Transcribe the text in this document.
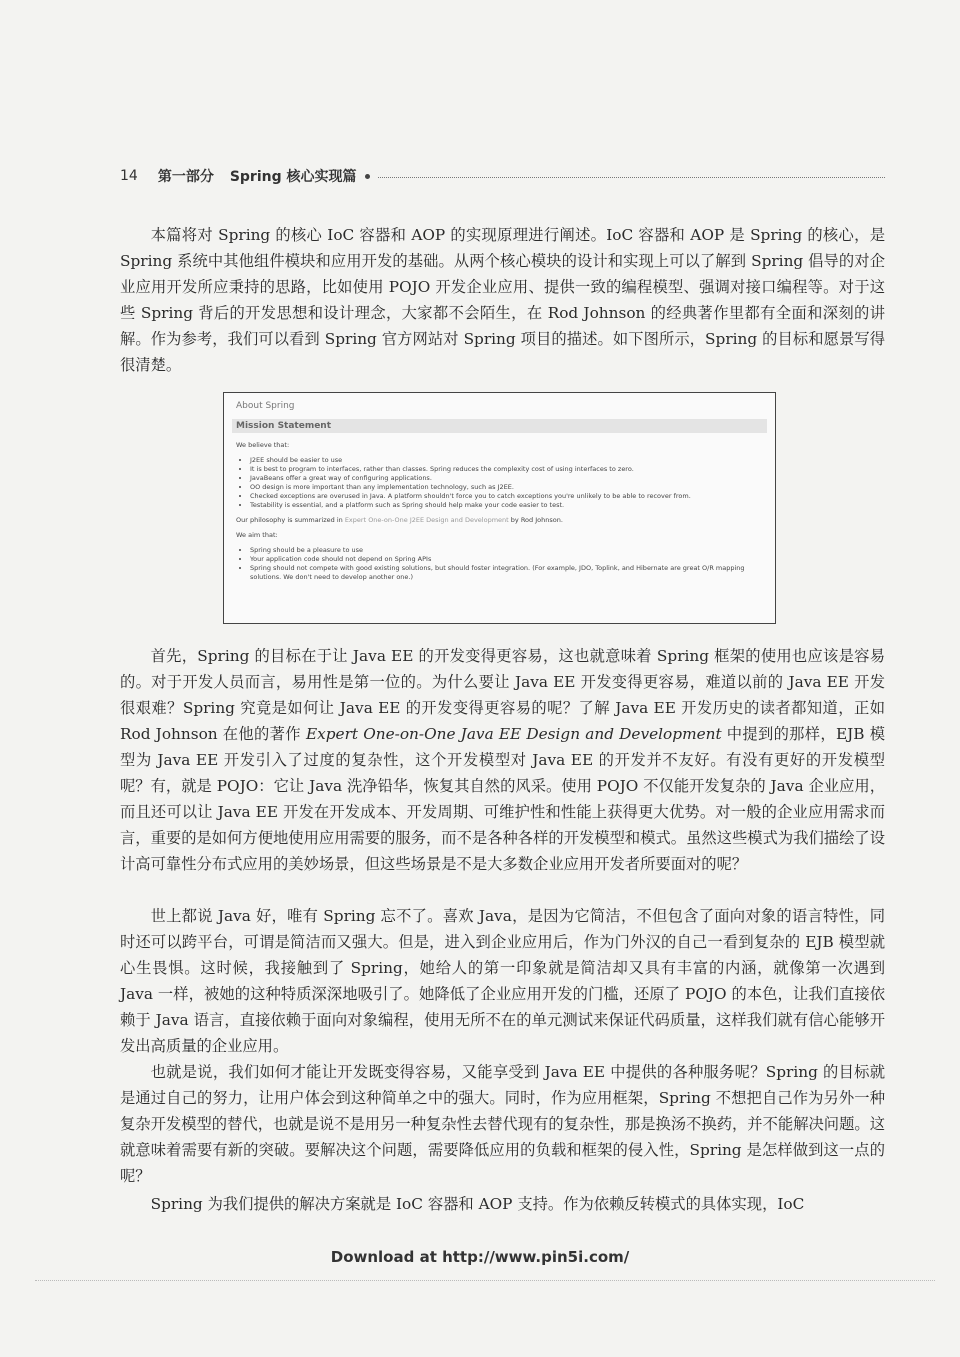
14 第一部分 Spring 核心实现篇

本篇将对 Spring 的核心 IoC 容器和 AOP 的实现原理进行阐述。IoC 容器和 AOP 是 Spring 的核心，是 Spring 系统中其他组件模块和应用开发的基础。从两个核心模块的设计和实现上可以了解到 Spring 倡导的对企业应用开发所应秉持的思路，比如使用 POJO 开发企业应用、提供一致的编程模型、强调对接口编程等。对于这些 Spring 背后的开发思想和设计理念，大家都不会陌生，在 Rod Johnson 的经典著作里都有全面和深刻的讲解。作为参考，我们可以看到 Spring 官方网站对 Spring 项目的描述。如下图所示，Spring 的目标和愿景写得很清楚。

About Spring
Mission Statement

We believe that:

• J2EE should be easier to use
• It is best to program to interfaces, rather than classes. Spring reduces the complexity cost of using interfaces to zero.
• JavaBeans offer a great way of configuring applications.
• OO design is more important than any implementation technology, such as J2EE.
• Checked exceptions are overused in Java. A platform shouldn't force you to catch exceptions you're unlikely to be able to recover from.
• Testability is essential, and a platform such as Spring should help make your code easier to test.

Our philosophy is summarized in Expert One-on-One J2EE Design and Development by Rod Johnson.

We aim that:

• Spring should be a pleasure to use
• Your application code should not depend on Spring APIs
• Spring should not compete with good existing solutions, but should foster integration. (For example, JDO, Toplink, and Hibernate are great O/R mapping solutions. We don't need to develop another one.)

首先，Spring 的目标在于让 Java EE 的开发变得更容易，这也就意味着 Spring 框架的使用也应该是容易的。对于开发人员而言，易用性是第一位的。为什么要让 Java EE 开发变得更容易，难道以前的 Java EE 开发很艰难？Spring 究竟是如何让 Java EE 的开发变得更容易的呢？了解 Java EE 开发历史的读者都知道，正如 Rod Johnson 在他的著作 Expert One-on-One Java EE Design and Development 中提到的那样，EJB 模型为 Java EE 开发引入了过度的复杂性，这个开发模型对 Java EE 的开发并不友好。有没有更好的开发模型呢？有，就是 POJO：它让 Java 洗净铅华，恢复其自然的风采。使用 POJO 不仅能开发复杂的 Java 企业应用，而且还可以让 Java EE 开发在开发成本、开发周期、可维护性和性能上获得更大优势。对一般的企业应用需求而言，重要的是如何方便地使用应用需要的服务，而不是各种各样的开发模型和模式。虽然这些模式为我们描绘了设计高可靠性分布式应用的美妙场景，但这些场景是不是大多数企业应用开发者所要面对的呢？

世上都说 Java 好，唯有 Spring 忘不了。喜欢 Java，是因为它简洁，不但包含了面向对象的语言特性，同时还可以跨平台，可谓是简洁而又强大。但是，进入到企业应用后，作为门外汉的自己一看到复杂的 EJB 模型就心生畏惧。这时候，我接触到了 Spring，她给人的第一印象就是简洁却又具有丰富的内涵，就像第一次遇到 Java 一样，被她的这种特质深深地吸引了。她降低了企业应用开发的门槛，还原了 POJO 的本色，让我们直接依赖于 Java 语言，直接依赖于面向对象编程，使用无所不在的单元测试来保证代码质量，这样我们就有信心能够开发出高质量的企业应用。

也就是说，我们如何才能让开发既变得容易，又能享受到 Java EE 中提供的各种服务呢？Spring 的目标就是通过自己的努力，让用户体会到这种简单之中的强大。同时，作为应用框架，Spring 不想把自己作为另外一种复杂开发模型的替代，也就是说不是用另一种复杂性去替代现有的复杂性，那是换汤不换药，并不能解决问题。这就意味着需要有新的突破。要解决这个问题，需要降低应用的负载和框架的侵入性，Spring 是怎样做到这一点的呢？

Spring 为我们提供的解决方案就是 IoC 容器和 AOP 支持。作为依赖反转模式的具体实现，IoC

Download at http://www.pin5i.com/
